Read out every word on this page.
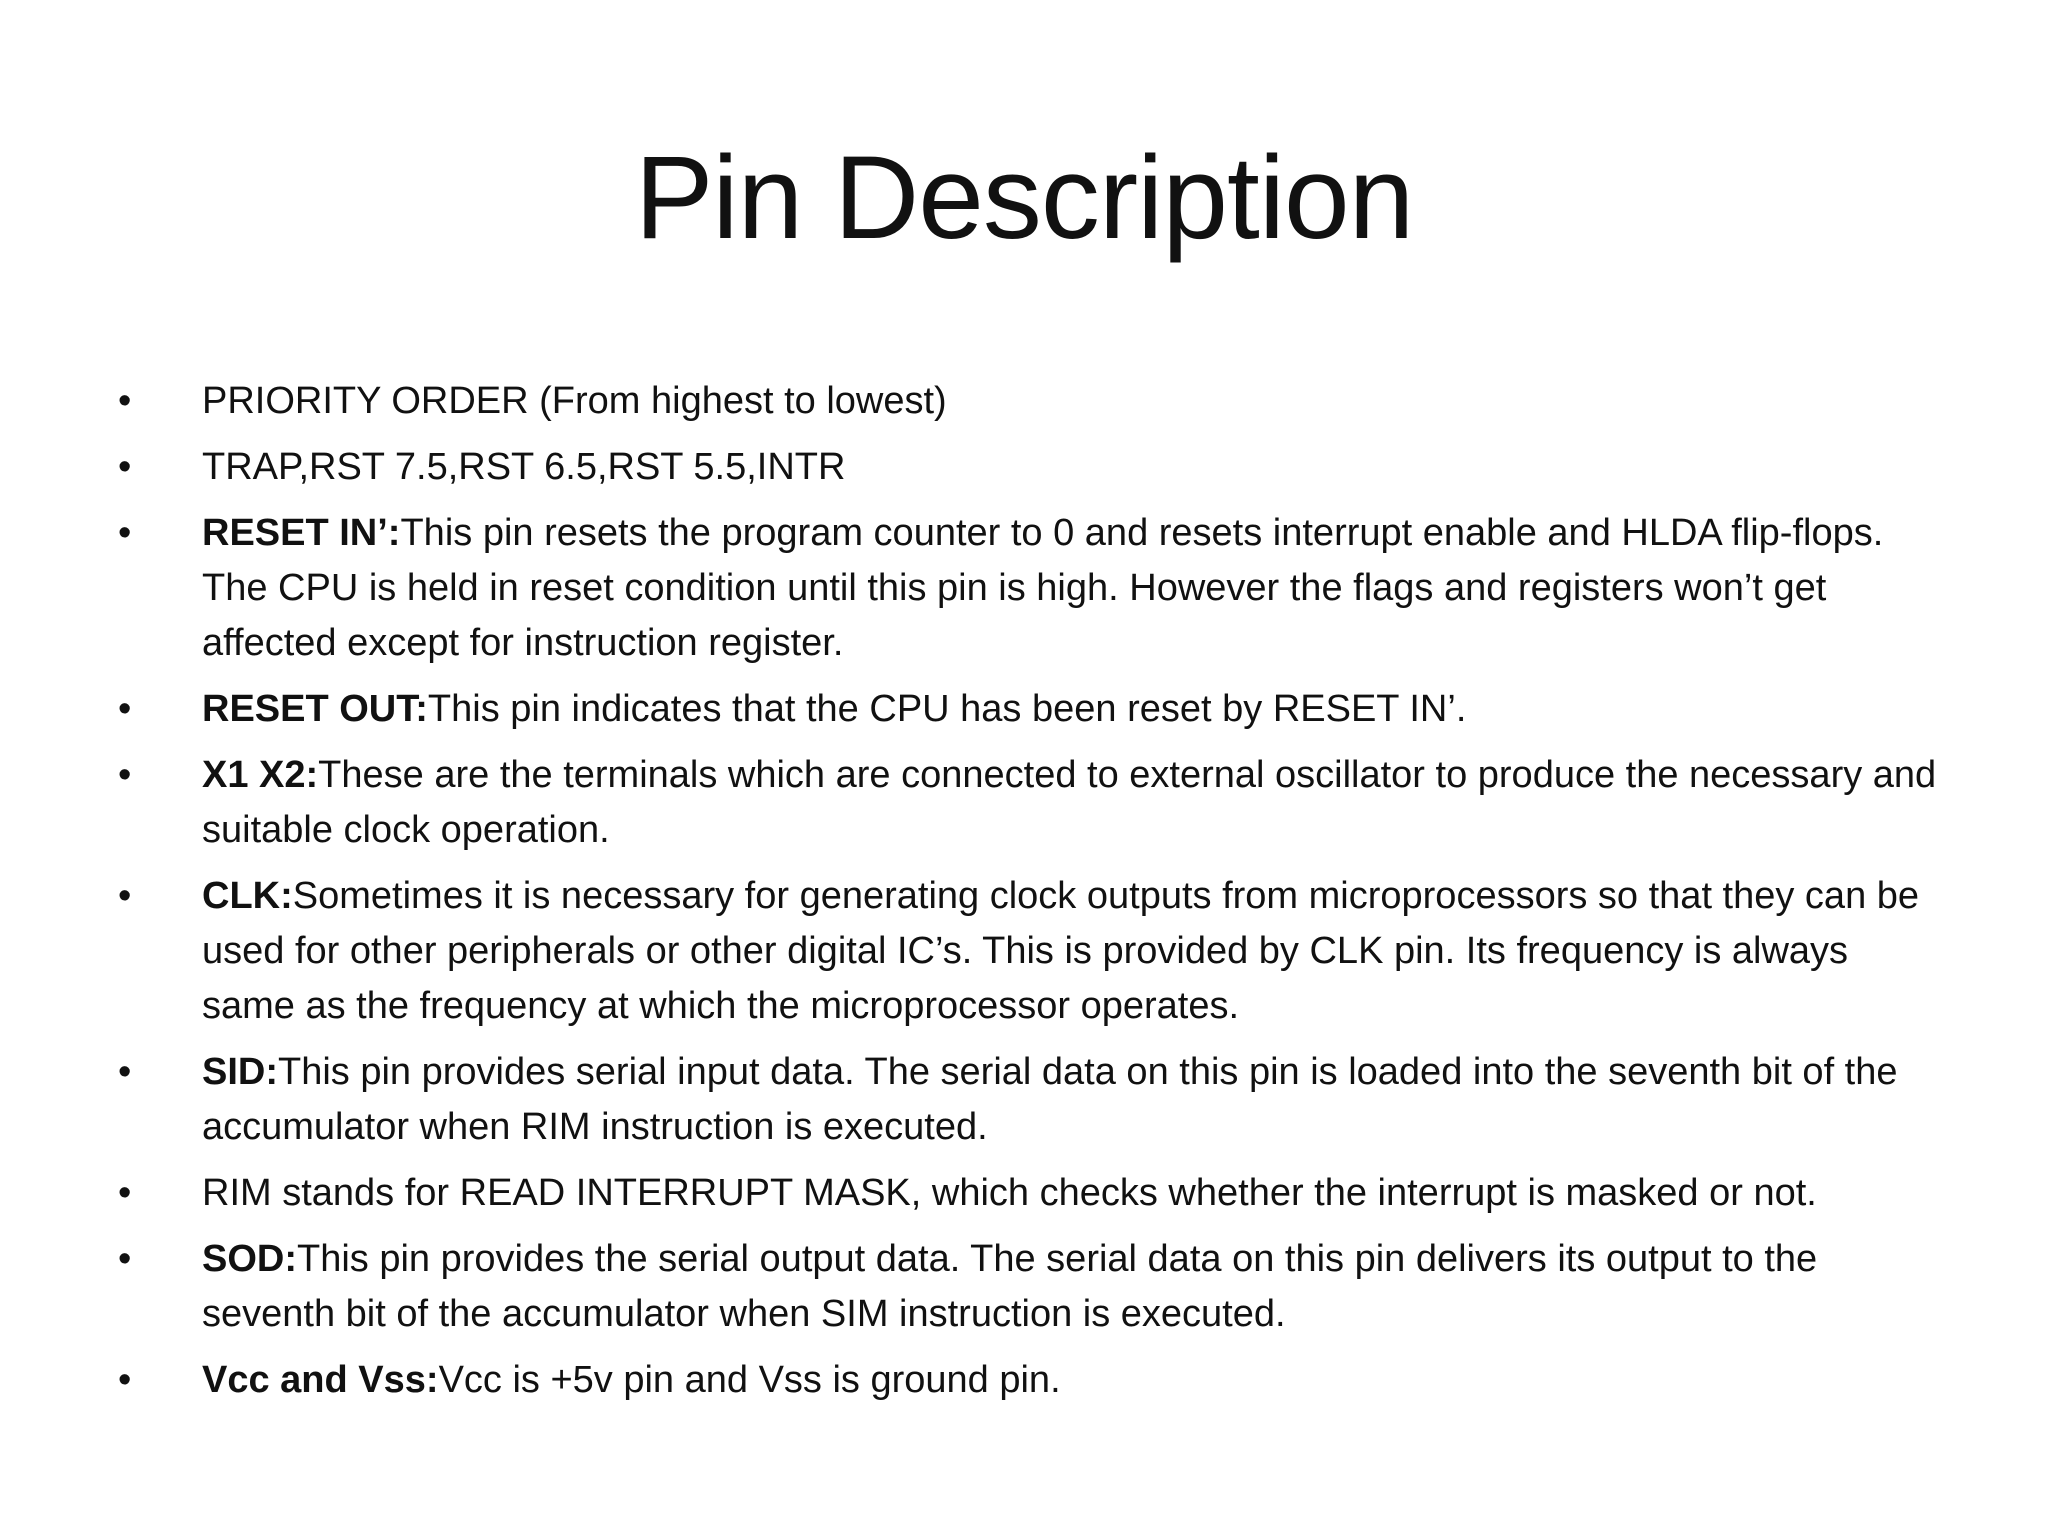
Pin Description
•	PRIORITY ORDER (From highest to lowest)
•	TRAP,RST 7.5,RST 6.5,RST 5.5,INTR
•	RESET IN’:This pin resets the program counter to 0 and resets interrupt enable and HLDA flip-flops. The CPU is held in reset condition until this pin is high. However the flags and registers won’t get affected except for instruction register.
•	RESET OUT:This pin indicates that the CPU has been reset by RESET IN’.
•	X1 X2:These are the terminals which are connected to external oscillator to produce the necessary and suitable clock operation.
•	CLK:Sometimes it is necessary for generating clock outputs from microprocessors so that they can be used for other peripherals or other digital IC’s. This is provided by CLK pin. Its frequency is always same as the frequency at which the microprocessor operates.
•	SID:This pin provides serial input data. The serial data on this pin is loaded into the seventh bit of the accumulator when RIM instruction is executed.
•	RIM stands for READ INTERRUPT MASK, which checks whether the interrupt is masked or not.
•	SOD:This pin provides the serial output data. The serial data on this pin delivers its output to the seventh bit of the accumulator when SIM instruction is executed.
•	Vcc and Vss:Vcc is +5v pin and Vss is ground pin.
